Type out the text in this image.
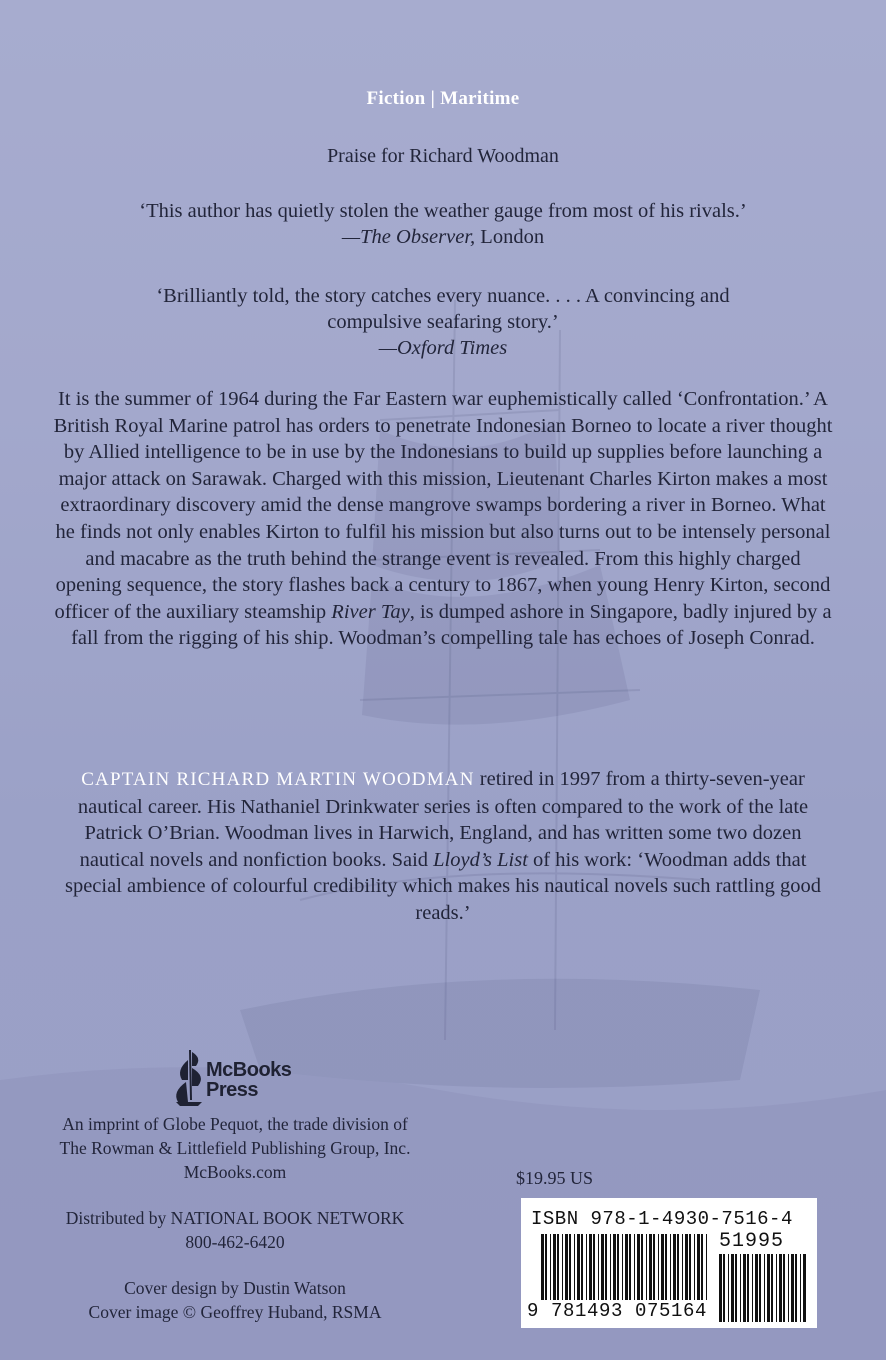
Fiction | Maritime
Praise for Richard Woodman
‘This author has quietly stolen the weather gauge from most of his rivals.’
—The Observer, London
‘Brilliantly told, the story catches every nuance. . . . A convincing and
compulsive seafaring story.’
—Oxford Times
It is the summer of 1964 during the Far Eastern war euphemistically called ‘Confrontation.’ A British Royal Marine patrol has orders to penetrate Indonesian Borneo to locate a river thought by Allied intelligence to be in use by the Indonesians to build up supplies before launching a major attack on Sarawak. Charged with this mission, Lieutenant Charles Kirton makes a most extraordinary discovery amid the dense mangrove swamps bordering a river in Borneo. What he finds not only enables Kirton to fulfil his mission but also turns out to be intensely personal and macabre as the truth behind the strange event is revealed. From this highly charged opening sequence, the story flashes back a century to 1867, when young Henry Kirton, second officer of the auxiliary steamship River Tay, is dumped ashore in Singapore, badly injured by a fall from the rigging of his ship. Woodman’s compelling tale has echoes of Joseph Conrad.
CAPTAIN RICHARD MARTIN WOODMAN retired in 1997 from a thirty-seven-year nautical career. His Nathaniel Drinkwater series is often compared to the work of the late Patrick O’Brian. Woodman lives in Harwich, England, and has written some two dozen nautical novels and nonfiction books. Said Lloyd’s List of his work: ‘Woodman adds that special ambience of colourful credibility which makes his nautical novels such rattling good reads.’
McBooks
Press
An imprint of Globe Pequot, the trade division of
The Rowman & Littlefield Publishing Group, Inc.
McBooks.com
Distributed by NATIONAL BOOK NETWORK
800-462-6420
Cover design by Dustin Watson
Cover image © Geoffrey Huband, RSMA
$19.95 US
ISBN 978-1-4930-7516-4
51995
9 781493 075164
